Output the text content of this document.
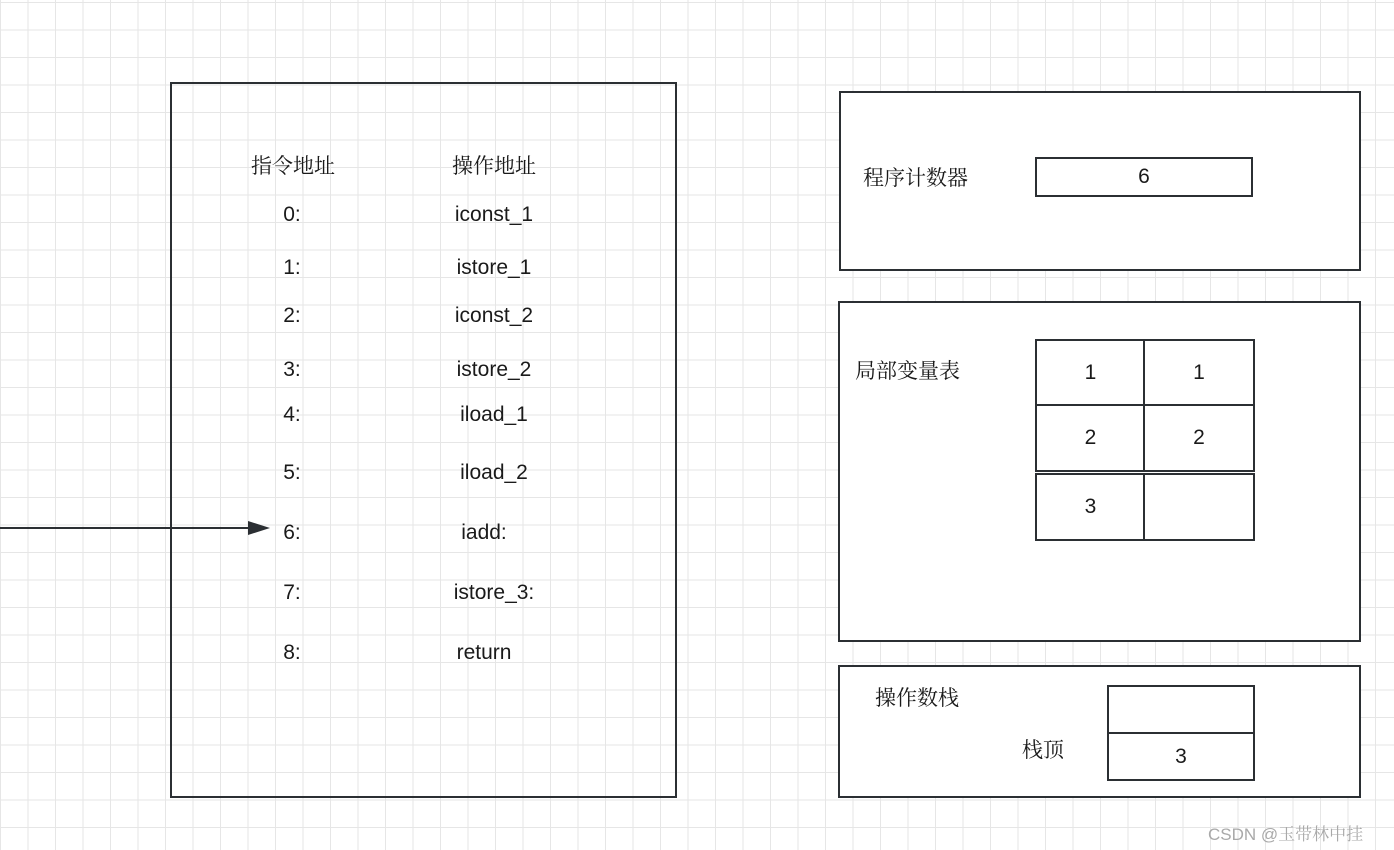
指令地址	操作地址
0:	iconst_1
1:	istore_1
2:	iconst_2
3:	istore_2
4:	iload_1
5:	iload_2
6:	iadd:
7:	istore_3:
8:	return
程序计数器	6
局部变量表	1	1
2	2
3
操作数栈
栈顶	3
CSDN @玉带林中挂
